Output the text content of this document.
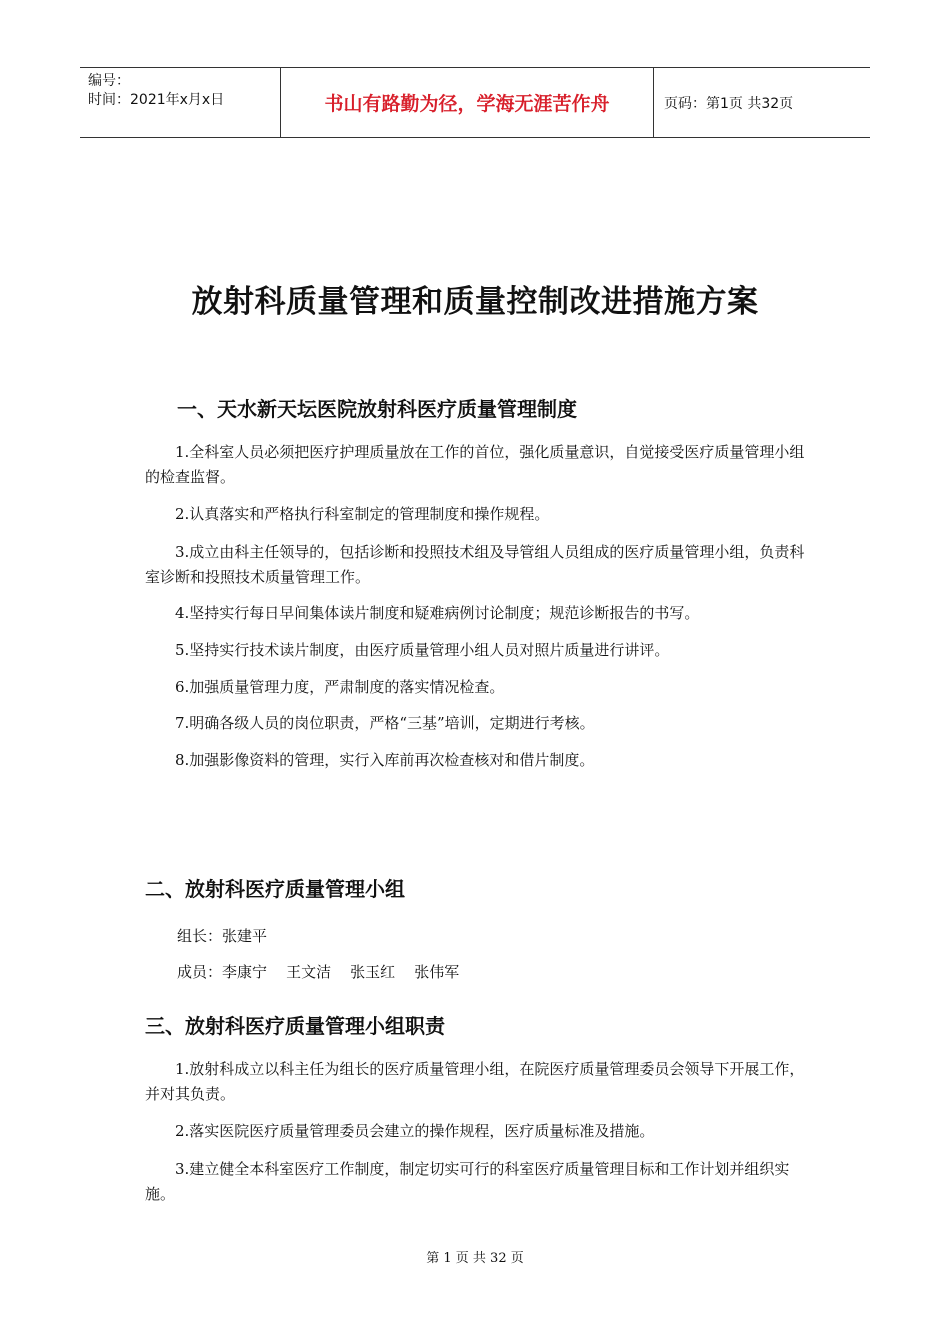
编号：
时间：2021年x月x日	书山有路勤为径，学海无涯苦作舟	页码：第1页 共32页
放射科质量管理和质量控制改进措施方案
一、天水新天坛医院放射科医疗质量管理制度
1.全科室人员必须把医疗护理质量放在工作的首位，强化质量意识，自觉接受医疗质量管理小组的检查监督。
2.认真落实和严格执行科室制定的管理制度和操作规程。
3.成立由科主任领导的，包括诊断和投照技术组及导管组人员组成的医疗质量管理小组，负责科室诊断和投照技术质量管理工作。
4.坚持实行每日早间集体读片制度和疑难病例讨论制度；规范诊断报告的书写。
5.坚持实行技术读片制度，由医疗质量管理小组人员对照片质量进行讲评。
6.加强质量管理力度，严肃制度的落实情况检查。
7.明确各级人员的岗位职责，严格“三基”培训，定期进行考核。
8.加强影像资料的管理，实行入库前再次检查核对和借片制度。
二、放射科医疗质量管理小组
组长：张建平
成员：李康宁    王文洁    张玉红    张伟军
三、放射科医疗质量管理小组职责
1.放射科成立以科主任为组长的医疗质量管理小组，在院医疗质量管理委员会领导下开展工作，并对其负责。
2.落实医院医疗质量管理委员会建立的操作规程，医疗质量标准及措施。
3.建立健全本科室医疗工作制度，制定切实可行的科室医疗质量管理目标和工作计划并组织实施。
第 1 页 共 32 页
